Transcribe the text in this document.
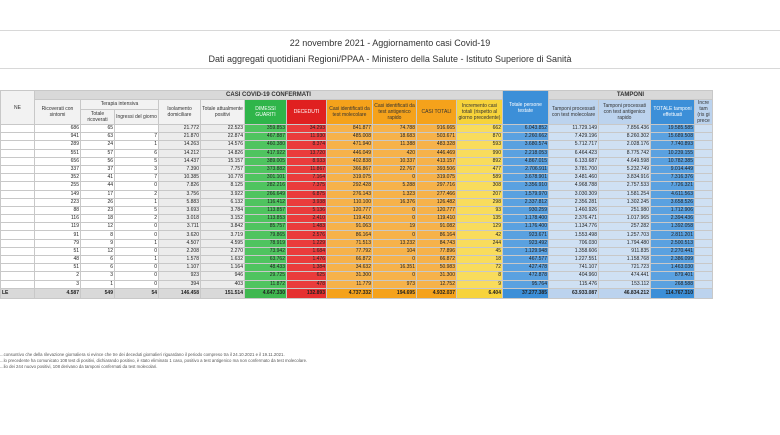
22 novembre 2021 - Aggiornamento casi Covid-19
Dati aggregati quotidiani Regioni/PPAA - Ministero della Salute - Istituto Superiore di Sanità
NE	CASI COVID-19 CONFERMATI											Totale persone testate	TAMPONI			
	Ricoverati con sintomi	Terapia intensiva		Isolamento domiciliare	Totale attualmente positivi	DIMESSI GUARITI	DECEDUTI	Casi identificati da test molecolare	Casi identificati da test antigenico rapido	CASI TOTALI	Incremento casi totali (rispetto al giorno precedente)		Tamponi processati con test molecolare	Tamponi processati con test antigenico rapido	TOTALE tamponi effettuati	Incre tam (ris gi prece
		Totale ricoverati	Ingressi del giorno													
	686	65		21.772	22.523	359.853	34.293	841.877	74.788	916.665	662	6.043.852	11.729.149	7.856.436	19.585.585	
	941	63	7	21.870	22.874	467.887	11.930	485.008	18.683	503.671	870	2.260.662	7.429.196	8.260.302	15.689.508	
	289	24	1	14.263	14.576	460.380	8.374	471.940	11.388	483.328	593	3.680.574	5.712.717	2.028.176	7.740.893	
	551	57	6	14.212	14.826	417.922	13.720	446.049	420	446.469	990	2.218.053	6.464.423	8.775.742	10.239.155	
	656	56	5	14.437	15.157	389.005	8.933	402.838	10.337	413.157	892	4.867.015	6.133.687	4.649.598	10.782.385	
	337	37	3	7.390	7.757	373.882	11.867	366.867	22.767	393.506	477	2.706.911	3.781.700	5.232.749	9.014.449	
	352	41	7	10.385	10.778	301.101	7.164	319.075	0	319.075	589	3.678.901	3.481.460	3.834.916	7.316.376	
	255	44	0	7.826	8.125	282.216	7.375	292.428	5.288	297.716	308	3.356.910	4.968.788	2.757.533	7.726.321	
	149	17	2	3.756	3.922	266.649	6.875	276.143	1.323	277.466	207	1.579.970	3.030.309	1.581.254	4.611.563	
	223	26	1	5.883	6.132	116.412	3.938	110.100	16.376	126.482	298	2.337.812	2.356.281	1.302.245	3.658.526	
	88	23	5	3.693	3.784	113.857	5.136	120.777	0	120.777	93	930.259	1.460.926	251.980	1.712.906	
	116	18	2	3.018	3.152	113.853	2.410	119.410	0	119.410	135	1.178.400	2.376.471	1.017.965	2.394.436	
	119	12	0	3.711	3.842	85.757	1.483	91.063	19	91.082	129	1.176.400	1.134.776	257.282	1.392.058	
	91	8	0	3.620	3.719	79.865	2.576	86.164	0	86.164	42	923.671	1.553.498	1.257.703	2.811.201	
	79	9	1	4.507	4.595	78.919	1.229	71.513	13.232	84.743	244	923.492	706.030	1.794.480	2.500.513	
	51	12	0	2.208	2.270	73.942	1.684	77.792	104	77.896	45	1.129.948	1.358.606	911.835	2.270.441	
	48	6	1	1.578	1.632	63.762	1.476	66.872	0	66.872	18	467.577	1.227.551	1.158.768	2.386.099	
	51	6	0	1.107	1.164	48.433	1.384	34.632	16.351	50.983	72	427.478	741.107	721.723	1.463.030	
	2	3	0	923	946	29.725	625	31.300	0	31.300	8	472.878	404.960	474.441	879.401	
	3	1	0	394	403	11.872	478	11.779	973	12.752	9	95.764	115.476	153.112	268.588	
LE	4.587	549	54	146.458	151.514	4.647.330	132.893	4.737.332	194.695	4.932.037	6.404	37.277.385	63.933.087	46.834.212	114.767.310	
...consuntivo che della rilevazione giornaliera si evince che tre dei deceduti giornalieri riguardano il periodo compreso tra il 24.10.2021 e il 19.11.2021.
...lo precedente ha comunicato 108 test di positivi, dichiarando positivo, è stato eliminato 1 caso, positivo a test antigenico ma non confermato da test molecolare.
...lio dei 244 nuovo positivi, 108 derivano da tamponi confermati da test molecolari.
